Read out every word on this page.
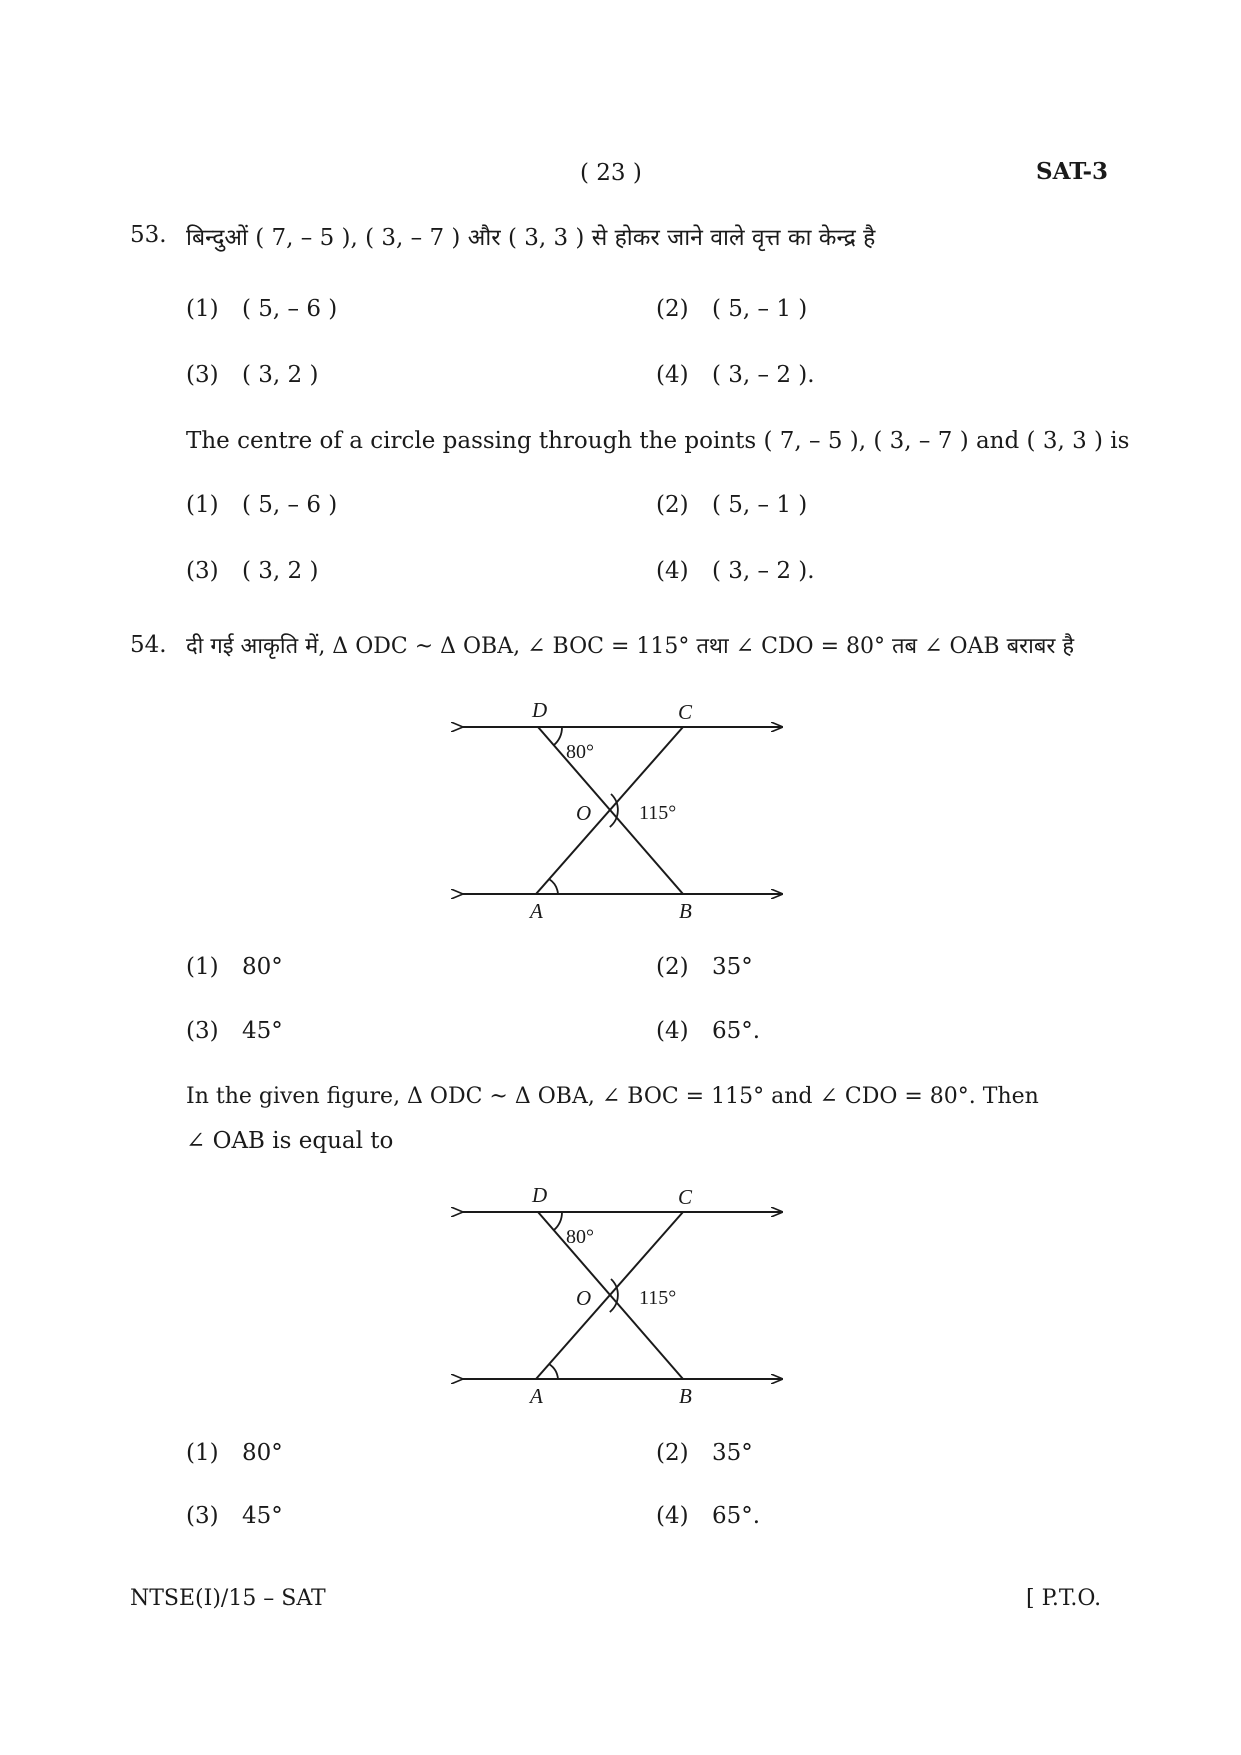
( 23 )	SAT-3
53. बिन्दुओं ( 7, – 5 ), ( 3, – 7 ) और ( 3, 3 ) से होकर जाने वाले वृत्त का केन्द्र है
(1) ( 5, – 6 )	(2) ( 5, – 1 )
(3) ( 3, 2 )	(4) ( 3, – 2 ).
The centre of a circle passing through the points ( 7, – 5 ), ( 3, – 7 ) and ( 3, 3 ) is
(1) ( 5, – 6 )	(2) ( 5, – 1 )
(3) ( 3, 2 )	(4) ( 3, – 2 ).
54. दी गई आकृति में, Δ ODC ~ Δ OBA, ∠ BOC = 115° तथा ∠ CDO = 80° तब ∠ OAB बराबर है
D	C
O
A	B
80°
115°
(1) 80°	(2) 35°
(3) 45°	(4) 65°.
In the given figure, Δ ODC ~ Δ OBA, ∠ BOC = 115° and ∠ CDO = 80°. Then
∠ OAB is equal to
D	C
O
A	B
80°
115°
(1) 80°	(2) 35°
(3) 45°	(4) 65°.
NTSE(I)/15 – SAT	[ P.T.O.
